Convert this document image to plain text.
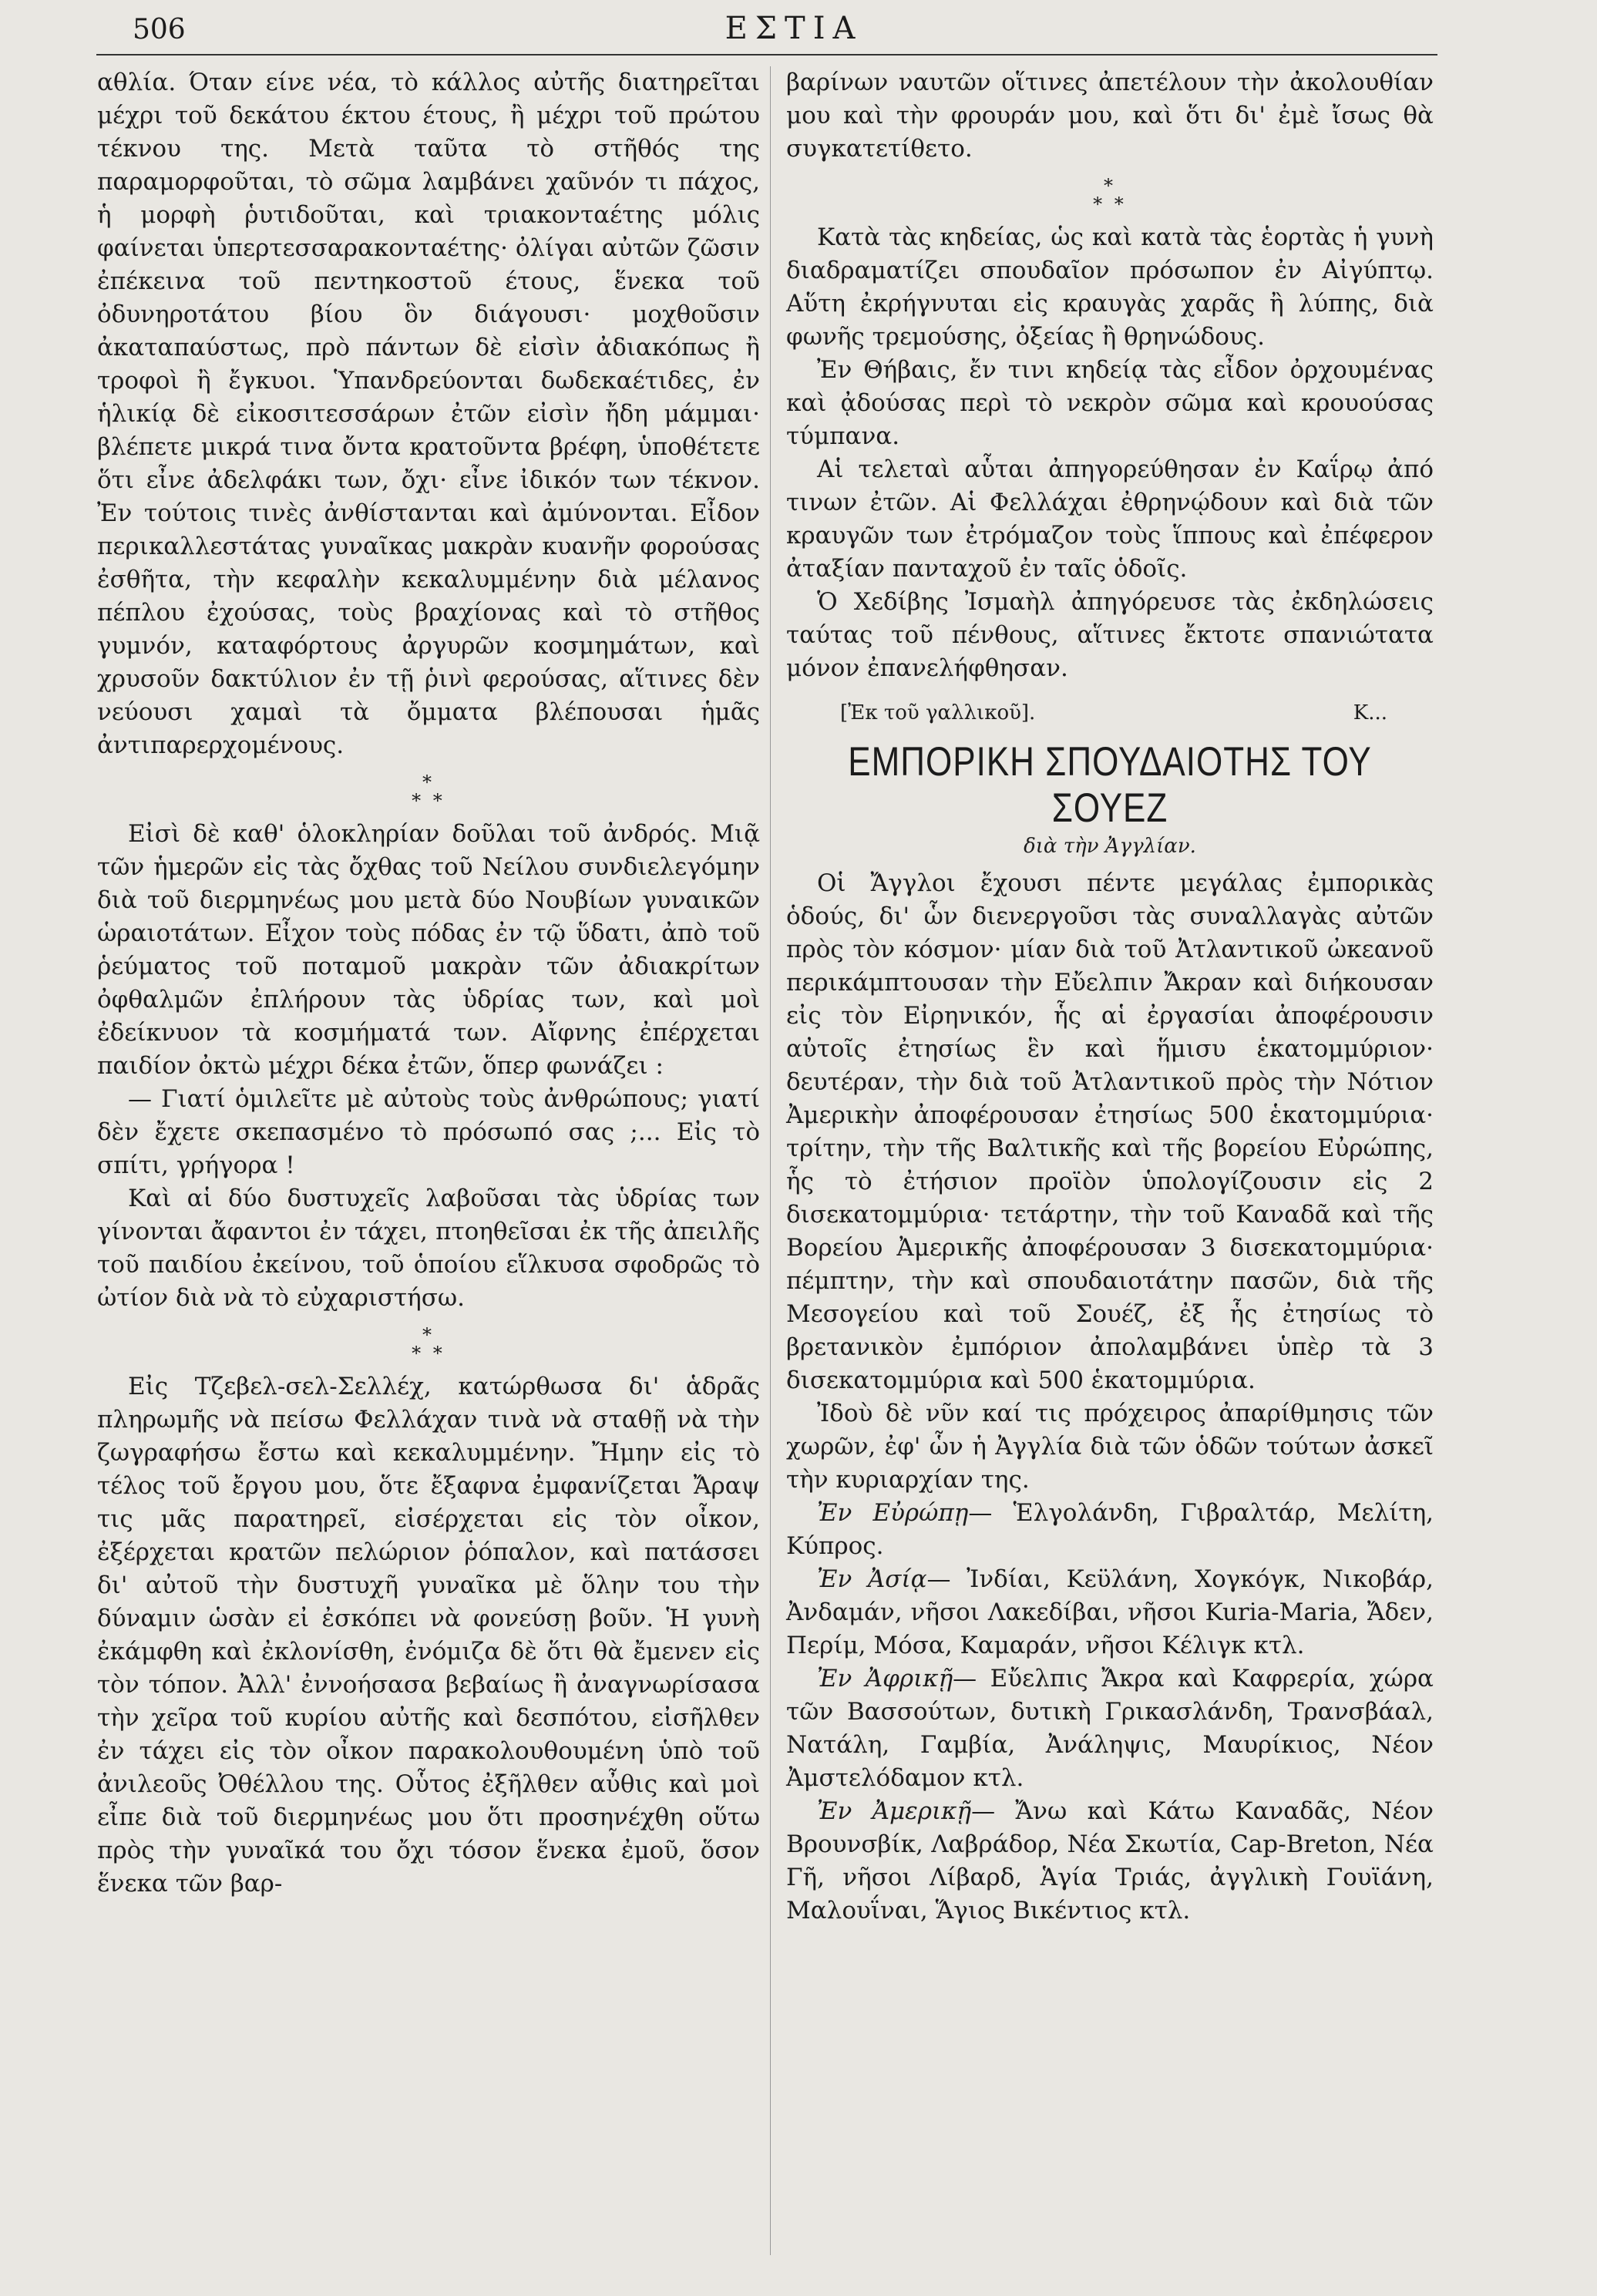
506	ΕΣΤΙΑ

αθλία. Όταν είνε νέα, τὸ κάλλος αὐτῆς διατηρεῖται μέχρι τοῦ δεκάτου έκτου έτους, ἢ μέχρι τοῦ πρώτου τέκνου της. Μετὰ ταῦτα τὸ στῆθός της παραμορφοῦται, τὸ σῶμα λαμβάνει χαῦνόν τι πάχος, ἡ μορφὴ ῥυτιδοῦται, καὶ τριακονταέτης μόλις φαίνεται ὑπερτεσσαρακονταέτης· ὀλίγαι αὐτῶν ζῶσιν ἐπέκεινα τοῦ πεντηκοστοῦ έτους, ἕνεκα τοῦ ὀδυνηροτάτου βίου ὃν διάγουσι· μοχθοῦσιν ἀκαταπαύστως, πρὸ πάντων δὲ εἰσὶν ἀδιακόπως ἢ τροφοὶ ἢ ἔγκυοι. Ὑπανδρεύονται δωδεκαέτιδες, ἐν ἡλικίᾳ δὲ εἰκοσιτεσσάρων ἐτῶν εἰσὶν ἤδη μάμμαι· βλέπετε μικρά τινα ὄντα κρατοῦντα βρέφη, ὑποθέτετε ὅτι εἶνε ἀδελφάκι των, ὄχι· εἶνε ἰδικόν των τέκνον. Ἐν τούτοις τινὲς ἀνθίστανται καὶ ἀμύνονται. Εἶδον περικαλλεστάτας γυναῖκας μακρὰν κυανῆν φορούσας ἐσθῆτα, τὴν κεφαλὴν κεκαλυμμένην διὰ μέλανος πέπλου ἐχούσας, τοὺς βραχίονας καὶ τὸ στῆθος γυμνόν, καταφόρτους ἀργυρῶν κοσμημάτων, καὶ χρυσοῦν δακτύλιον ἐν τῇ ῥινὶ φερούσας, αἵτινες δὲν νεύουσι χαμαὶ τὰ ὄμματα βλέπουσαι ἡμᾶς ἀντιπαρερχομένους.

*
* *

Εἰσὶ δὲ καθ' ὁλοκληρίαν δοῦλαι τοῦ ἀνδρός. Μιᾷ τῶν ἡμερῶν εἰς τὰς ὄχθας τοῦ Νείλου συνδιελεγόμην διὰ τοῦ διερμηνέως μου μετὰ δύο Νουβίων γυναικῶν ὡραιοτάτων. Εἶχον τοὺς πόδας ἐν τῷ ὕδατι, ἀπὸ τοῦ ῥεύματος τοῦ ποταμοῦ μακρὰν τῶν ἀδιακρίτων ὀφθαλμῶν ἐπλήρουν τὰς ὑδρίας των, καὶ μοὶ ἐδείκνυον τὰ κοσμήματά των. Αἴφνης ἐπέρχεται παιδίον ὀκτὼ μέχρι δέκα ἐτῶν, ὅπερ φωνάζει :

— Γιατί ὁμιλεῖτε μὲ αὐτοὺς τοὺς ἀνθρώπους; γιατί δὲν ἔχετε σκεπασμένο τὸ πρόσωπό σας ;... Εἰς τὸ σπίτι, γρήγορα !

Καὶ αἱ δύο δυστυχεῖς λαβοῦσαι τὰς ὑδρίας των γίνονται ἄφαντοι ἐν τάχει, πτοηθεῖσαι ἐκ τῆς ἀπειλῆς τοῦ παιδίου ἐκείνου, τοῦ ὁποίου εἵλκυσα σφοδρῶς τὸ ὠτίον διὰ νὰ τὸ εὐχαριστήσω.

*
* *

Εἰς Τζεβελ-σελ-Σελλέχ, κατώρθωσα δι' ἁδρᾶς πληρωμῆς νὰ πείσω Φελλάχαν τινὰ νὰ σταθῇ νὰ τὴν ζωγραφήσω ἔστω καὶ κεκαλυμμένην. Ἤμην εἰς τὸ τέλος τοῦ ἔργου μου, ὅτε ἔξαφνα ἐμφανίζεται Ἄραψ τις μᾶς παρατηρεῖ, εἰσέρχεται εἰς τὸν οἶκον, ἐξέρχεται κρατῶν πελώριον ῥόπαλον, καὶ πατάσσει δι' αὐτοῦ τὴν δυστυχῆ γυναῖκα μὲ ὅλην του τὴν δύναμιν ὡσὰν εἰ ἐσκόπει νὰ φονεύσῃ βοῦν. Ἡ γυνὴ ἐκάμφθη καὶ ἐκλονίσθη, ἐνόμιζα δὲ ὅτι θὰ ἔμενεν εἰς τὸν τόπον. Ἀλλ' ἐννοήσασα βεβαίως ἢ ἀναγνωρίσασα τὴν χεῖρα τοῦ κυρίου αὐτῆς καὶ δεσπότου, εἰσῆλθεν ἐν τάχει εἰς τὸν οἶκον παρακολουθουμένη ὑπὸ τοῦ ἀνιλεοῦς Ὀθέλλου της. Οὗτος ἐξῆλθεν αὖθις καὶ μοὶ εἶπε διὰ τοῦ διερμηνέως μου ὅτι προσηνέχθη οὕτω πρὸς τὴν γυναῖκά του ὄχι τόσον ἕνεκα ἐμοῦ, ὅσον ἕνεκα τῶν βαρ-

βαρίνων ναυτῶν οἵτινες ἀπετέλουν τὴν ἀκολουθίαν μου καὶ τὴν φρουράν μου, καὶ ὅτι δι' ἐμὲ ἴσως θὰ συγκατετίθετο.

*
* *

Κατὰ τὰς κηδείας, ὡς καὶ κατὰ τὰς ἑορτὰς ἡ γυνὴ διαδραματίζει σπουδαῖον πρόσωπον ἐν Αἰγύπτῳ. Αὕτη ἐκρήγνυται εἰς κραυγὰς χαρᾶς ἢ λύπης, διὰ φωνῆς τρεμούσης, ὀξείας ἢ θρηνώδους.

Ἐν Θήβαις, ἔν τινι κηδείᾳ τὰς εἶδον ὀρχουμένας καὶ ᾀδούσας περὶ τὸ νεκρὸν σῶμα καὶ κρουούσας τύμπανα.

Αἱ τελεταὶ αὗται ἀπηγορεύθησαν ἐν Καΐρῳ ἀπό τινων ἐτῶν. Αἱ Φελλάχαι ἐθρηνῴδουν καὶ διὰ τῶν κραυγῶν των ἐτρόμαζον τοὺς ἵππους καὶ ἐπέφερον ἀταξίαν πανταχοῦ ἐν ταῖς ὁδοῖς.

Ὁ Χεδίβης Ἰσμαὴλ ἀπηγόρευσε τὰς ἐκδηλώσεις ταύτας τοῦ πένθους, αἵτινες ἔκτοτε σπανιώτατα μόνον ἐπανελήφθησαν.

[Ἐκ τοῦ γαλλικοῦ].	Κ...
ΕΜΠΟΡΙΚΗ ΣΠΟΥΔΑΙΟΤΗΣ ΤΟΥ ΣΟΥΕΖ
διὰ τὴν Ἀγγλίαν.

Οἱ Ἄγγλοι ἔχουσι πέντε μεγάλας ἐμπορικὰς ὁδούς, δι' ὧν διενεργοῦσι τὰς συναλλαγὰς αὐτῶν πρὸς τὸν κόσμον· μίαν διὰ τοῦ Ἀτλαντικοῦ ὠκεανοῦ περικάμπτουσαν τὴν Εὔελπιν Ἄκραν καὶ διήκουσαν εἰς τὸν Εἰρηνικόν, ἧς αἱ ἐργασίαι ἀποφέρουσιν αὐτοῖς ἐτησίως ἓν καὶ ἥμισυ ἑκατομμύριον· δευτέραν, τὴν διὰ τοῦ Ἀτλαντικοῦ πρὸς τὴν Νότιον Ἀμερικὴν ἀποφέρουσαν ἐτησίως 500 ἑκατομμύρια· τρίτην, τὴν τῆς Βαλτικῆς καὶ τῆς βορείου Εὐρώπης, ἧς τὸ ἐτήσιον προϊὸν ὑπολογίζουσιν εἰς 2 δισεκατομμύρια· τετάρτην, τὴν τοῦ Καναδᾶ καὶ τῆς Βορείου Ἀμερικῆς ἀποφέρουσαν 3 δισεκατομμύρια· πέμπτην, τὴν καὶ σπουδαιοτάτην πασῶν, διὰ τῆς Μεσογείου καὶ τοῦ Σουέζ, ἐξ ἧς ἐτησίως τὸ βρετανικὸν ἐμπόριον ἀπολαμβάνει ὑπὲρ τὰ 3 δισεκατομμύρια καὶ 500 ἑκατομμύρια.

Ἰδοὺ δὲ νῦν καί τις πρόχειρος ἀπαρίθμησις τῶν χωρῶν, ἐφ' ὧν ἡ Ἀγγλία διὰ τῶν ὁδῶν τούτων ἀσκεῖ τὴν κυριαρχίαν της.

Ἐν Εὐρώπῃ— Ἑλγολάνδη, Γιβραλτάρ, Μελίτη, Κύπρος.

Ἐν Ἀσίᾳ— Ἰνδίαι, Κεϋλάνη, Χογκόγκ, Νικοβάρ, Ἀνδαμάν, νῆσοι Λακεδίβαι, νῆσοι Kuria-Maria, Ἄδεν, Περίμ, Μόσα, Καμαράν, νῆσοι Κέλιγκ κτλ.

Ἐν Ἀφρικῇ— Εὔελπις Ἄκρα καὶ Καφρερία, χώρα τῶν Βασσούτων, δυτικὴ Γρικασλάνδη, Τρανσβάαλ, Νατάλη, Γαμβία, Ἀνάληψις, Μαυρίκιος, Νέον Ἀμστελόδαμον κτλ.

Ἐν Ἀμερικῇ— Ἄνω καὶ Κάτω Καναδᾶς, Νέον Βρουνσβίκ, Λαβράδορ, Νέα Σκωτία, Cap-Breton, Νέα Γῆ, νῆσοι Λίβαρδ, Ἁγία Τριάς, ἀγγλικὴ Γουϊάνη, Μαλουΐναι, Ἅγιος Βικέντιος κτλ.
